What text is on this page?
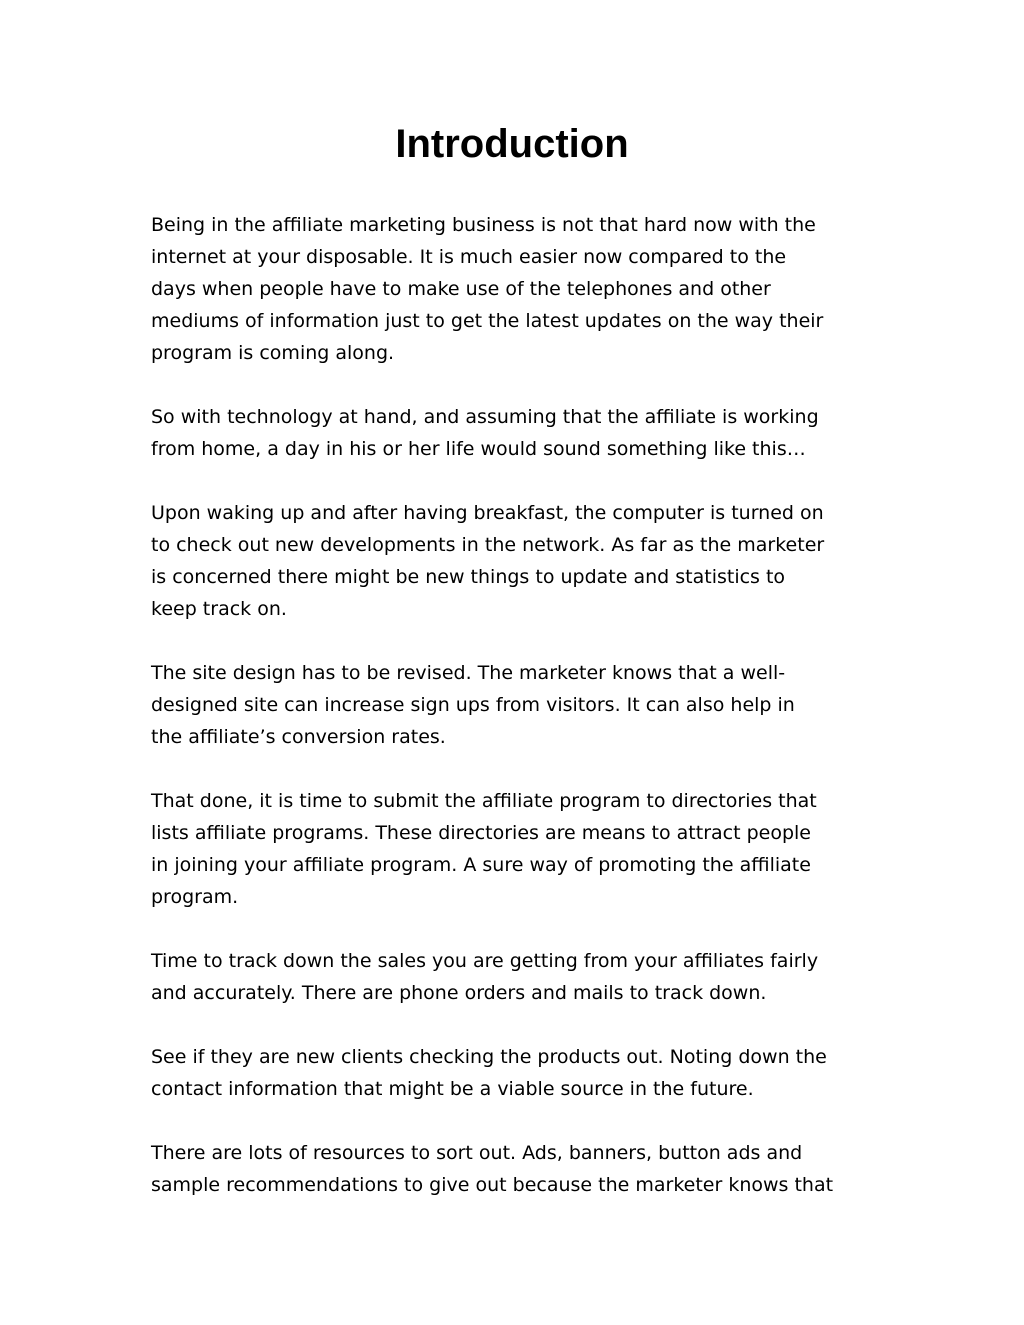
Introduction

Being in the affiliate marketing business is not that hard now with the
internet at your disposable. It is much easier now compared to the
days when people have to make use of the telephones and other
mediums of information just to get the latest updates on the way their
program is coming along.

So with technology at hand, and assuming that the affiliate is working
from home, a day in his or her life would sound something like this…

Upon waking up and after having breakfast, the computer is turned on
to check out new developments in the network. As far as the marketer
is concerned there might be new things to update and statistics to
keep track on.

The site design has to be revised. The marketer knows that a well-
designed site can increase sign ups from visitors. It can also help in
the affiliate’s conversion rates.

That done, it is time to submit the affiliate program to directories that
lists affiliate programs. These directories are means to attract people
in joining your affiliate program. A sure way of promoting the affiliate
program.

Time to track down the sales you are getting from your affiliates fairly
and accurately. There are phone orders and mails to track down.

See if they are new clients checking the products out. Noting down the
contact information that might be a viable source in the future.

There are lots of resources to sort out. Ads, banners, button ads and
sample recommendations to give out because the marketer knows that
